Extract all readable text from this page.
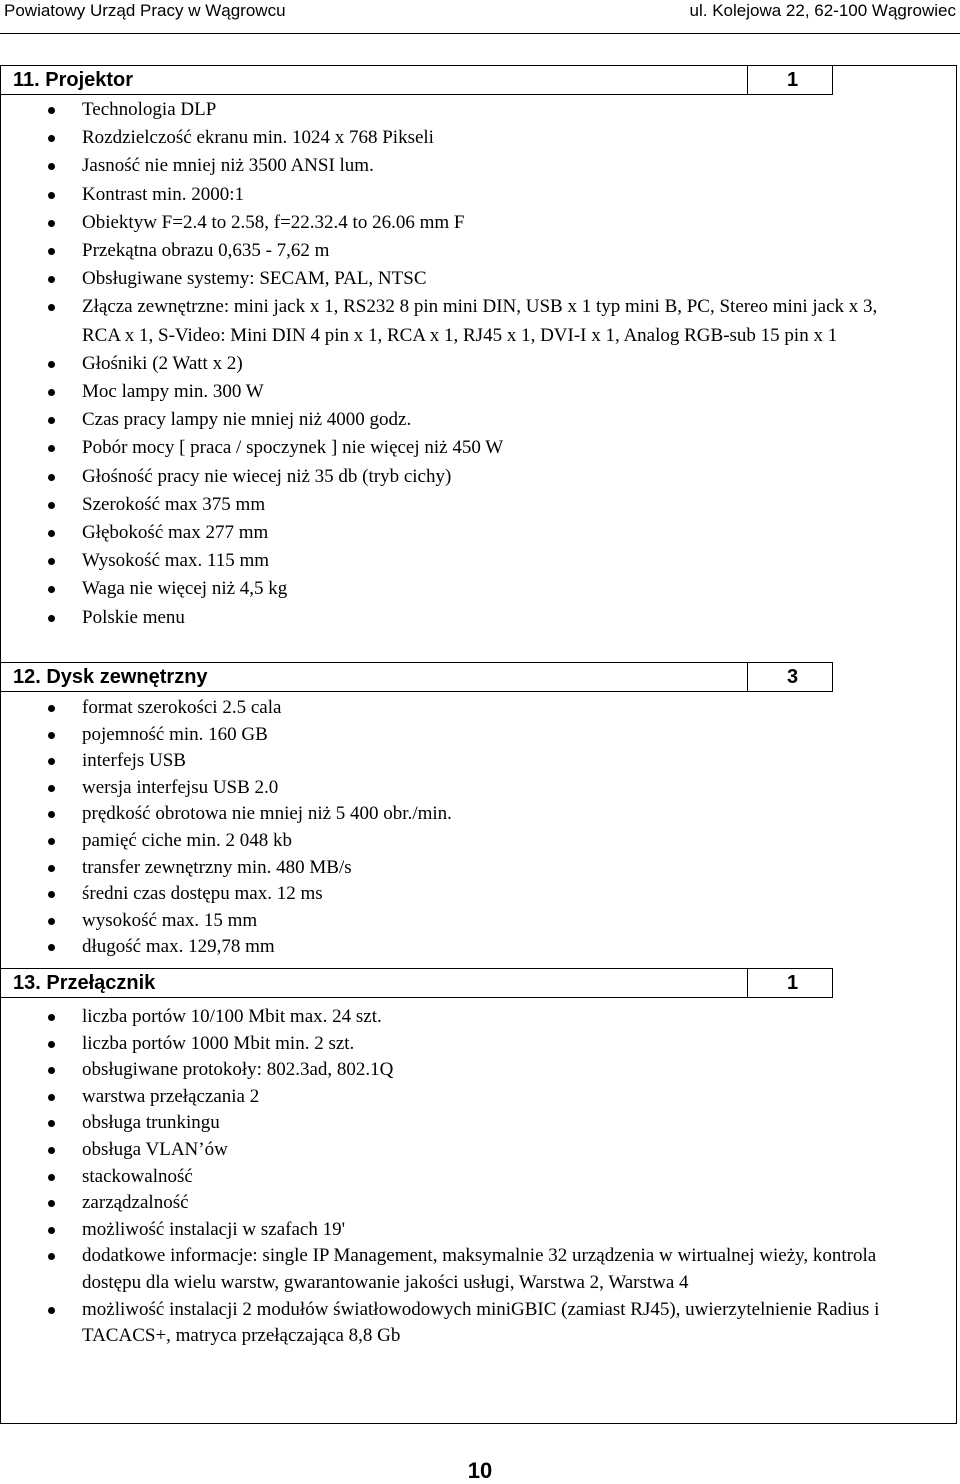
Powiatowy Urząd Pracy w Wągrowcu	ul. Kolejowa 22, 62-100 Wągrowiec
11. Projektor	1
Technologia DLP
Rozdzielczość ekranu min. 1024 x 768 Pikseli
Jasność nie mniej niż 3500 ANSI lum.
Kontrast min. 2000:1
Obiektyw F=2.4 to 2.58, f=22.32.4 to 26.06 mm F
Przekątna obrazu 0,635 - 7,62 m
Obsługiwane systemy: SECAM, PAL, NTSC
Złącza zewnętrzne: mini jack x 1, RS232 8 pin mini DIN, USB x 1 typ mini B, PC, Stereo mini jack x 3, RCA x 1, S-Video: Mini DIN 4 pin x 1, RCA x 1, RJ45 x 1, DVI-I x 1, Analog RGB-sub 15 pin x 1
Głośniki (2 Watt x 2)
Moc lampy min. 300 W
Czas pracy lampy nie mniej niż 4000 godz.
Pobór mocy [ praca / spoczynek ] nie więcej niż 450 W
Głośność pracy nie wiecej niż 35 db (tryb cichy)
Szerokość max 375 mm
Głębokość max 277 mm
Wysokość max. 115 mm
Waga nie więcej niż 4,5 kg
Polskie menu
12. Dysk zewnętrzny	3
format szerokości 2.5 cala
pojemność min. 160 GB
interfejs USB
wersja interfejsu USB 2.0
prędkość obrotowa nie mniej niż 5 400 obr./min.
pamięć ciche min. 2 048 kb
transfer zewnętrzny min. 480 MB/s
średni czas dostępu max. 12 ms
wysokość max. 15 mm
długość max. 129,78 mm
13. Przełącznik	1
liczba portów 10/100 Mbit max. 24 szt.
liczba portów 1000 Mbit min. 2 szt.
obsługiwane protokoły: 802.3ad, 802.1Q
warstwa przełączania 2
obsługa trunkingu
obsługa VLAN’ów
stackowalność
zarządzalność
możliwość instalacji w szafach 19'
dodatkowe informacje: single IP Management, maksymalnie 32 urządzenia w wirtualnej wieży, kontrola dostępu dla wielu warstw, gwarantowanie jakości usługi, Warstwa 2, Warstwa 4
możliwość instalacji 2 modułów światłowodowych miniGBIC (zamiast RJ45), uwierzytelnienie Radius i TACACS+, matryca przełączająca 8,8 Gb
10
